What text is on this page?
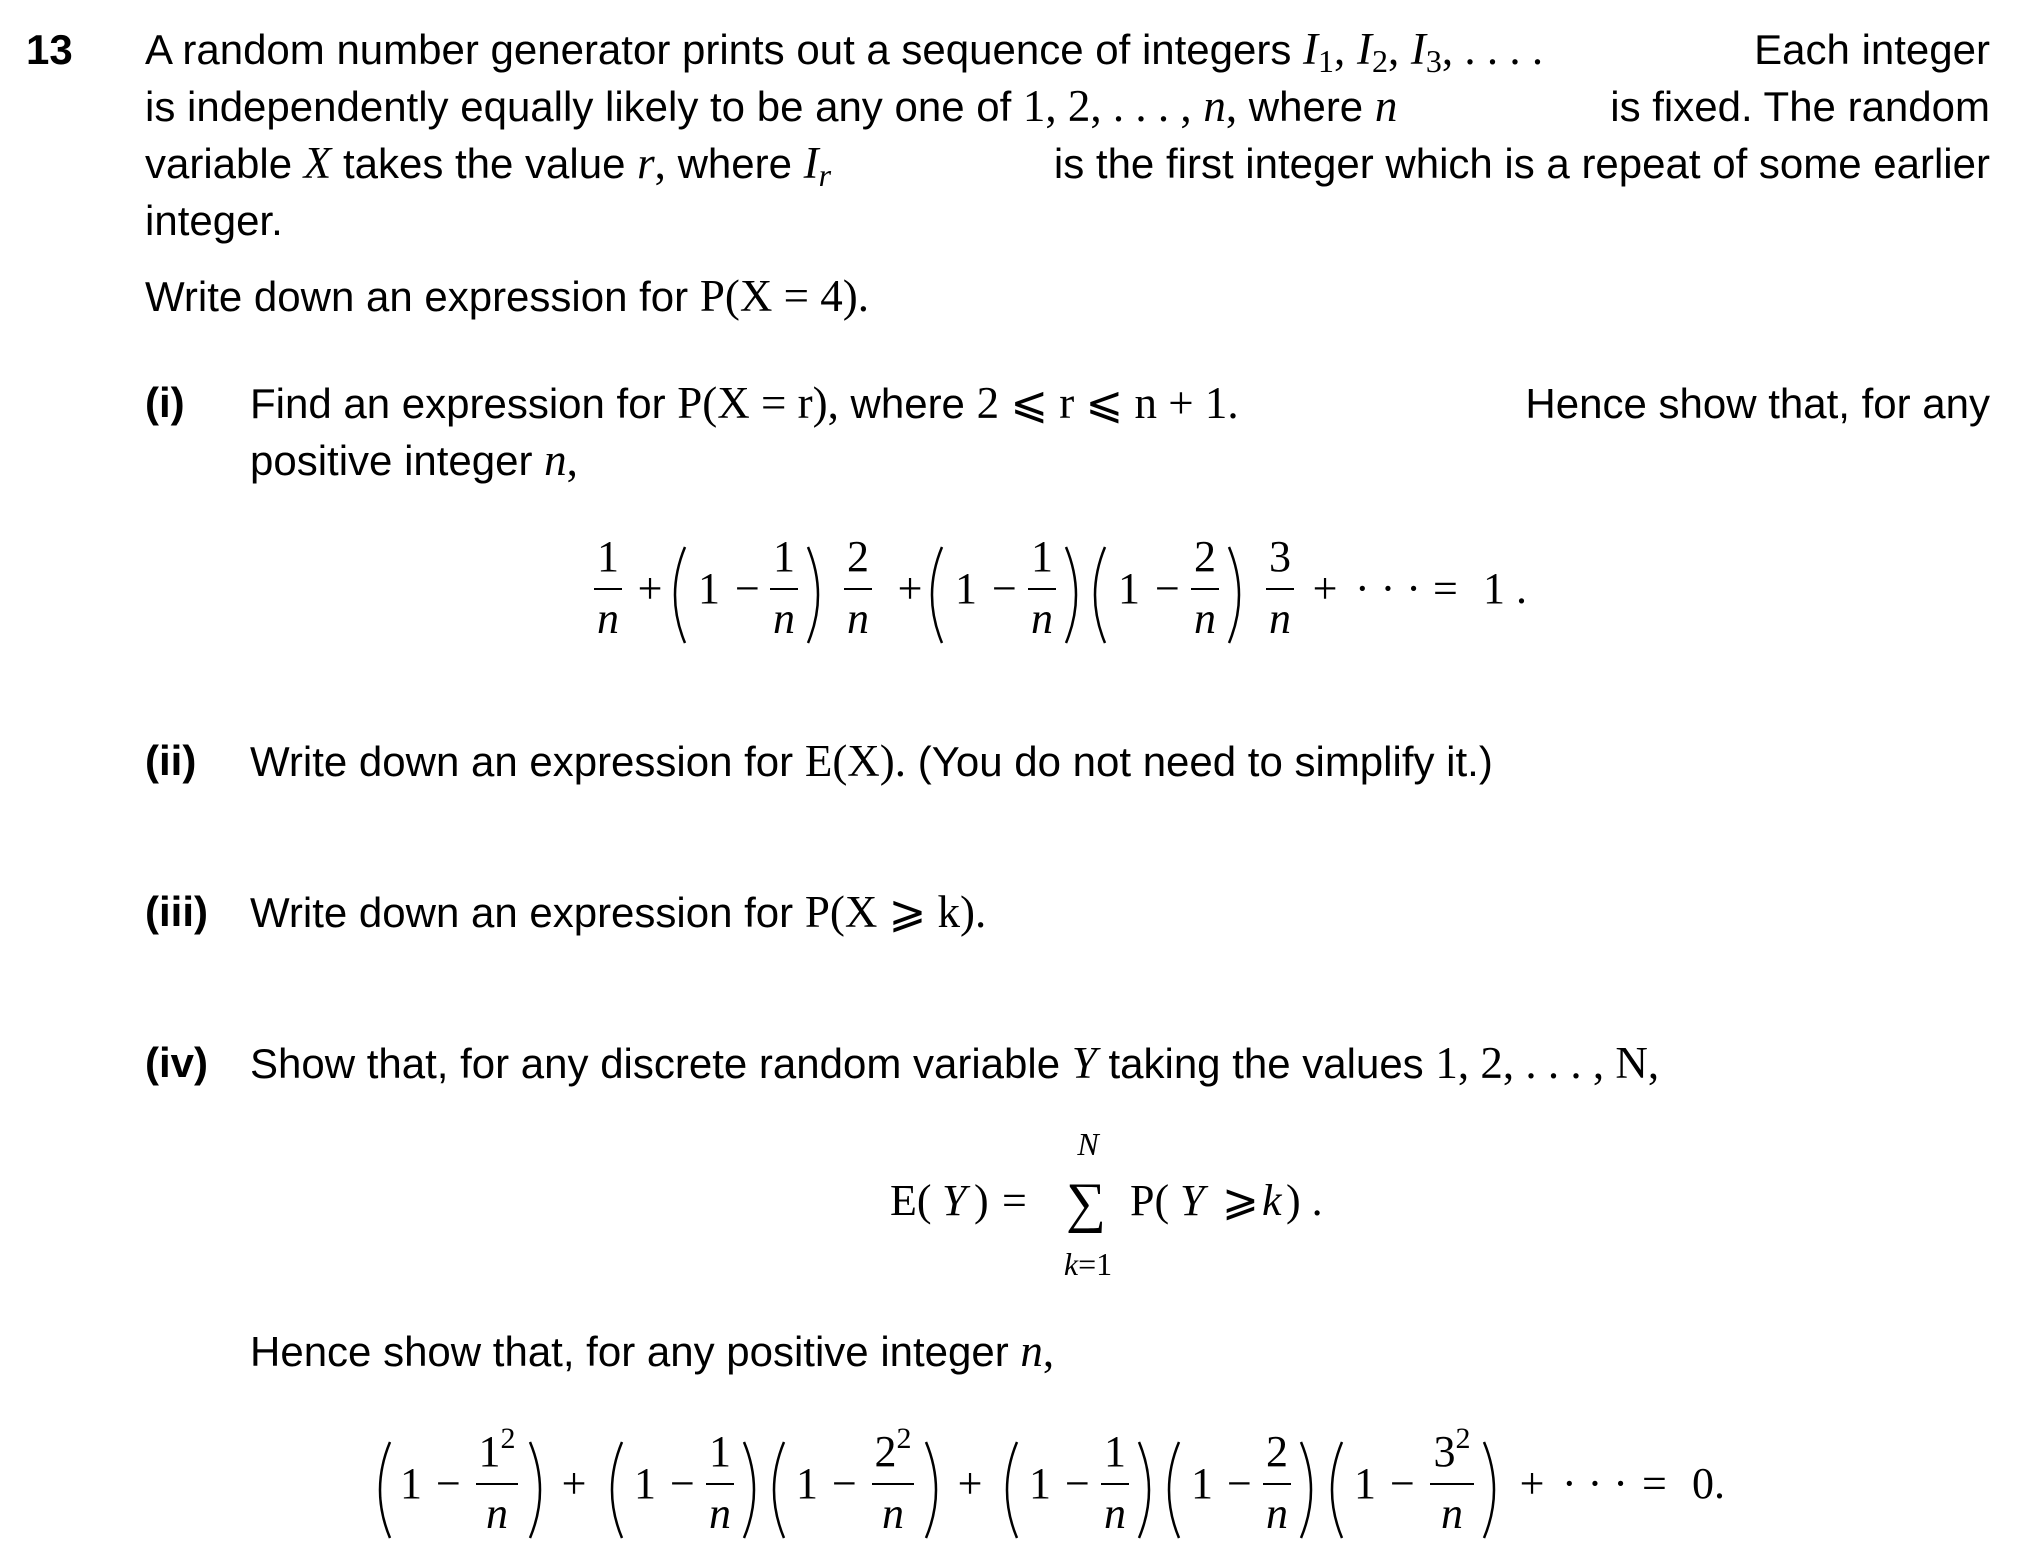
13 A random number generator prints out a sequence of integers $I_1$, $I_2$, $I_3$, . . . .	Each integer
is independently equally likely to be any one of 1, 2, . . . , n, where n	is fixed. The random
variable X takes the value r, where $I_r$	is the first integer which is a repeat of some earlier
integer.
Write down an expression for P(X = 4).
(i) Find an expression for P(X = r), where 2 ⩽ r ⩽ n + 1.	Hence show that, for any
positive integer n,
1
n
+ 1 −
1
n
2
n
+ 1 −
1
n
1 −
2
n
3
n
+ · · · = 1 .
(ii) Write down an expression for E(X). (You do not need to simplify it.)
(iii) Write down an expression for P(X ⩾ k).
(iv) Show that, for any discrete random variable Y taking the values 1, 2, . . . , N,
E( Y ) =
N
∑
k=1
P( Y ⩾ k ) .
Hence show that, for any positive integer n,
1 −
$1^2$
n
+ 1 −
1
n
1 −
$2^2$
n
+ 1 −
1
n
1 −
2
n
1 −
$3^2$
n
+ · · · = 0.
